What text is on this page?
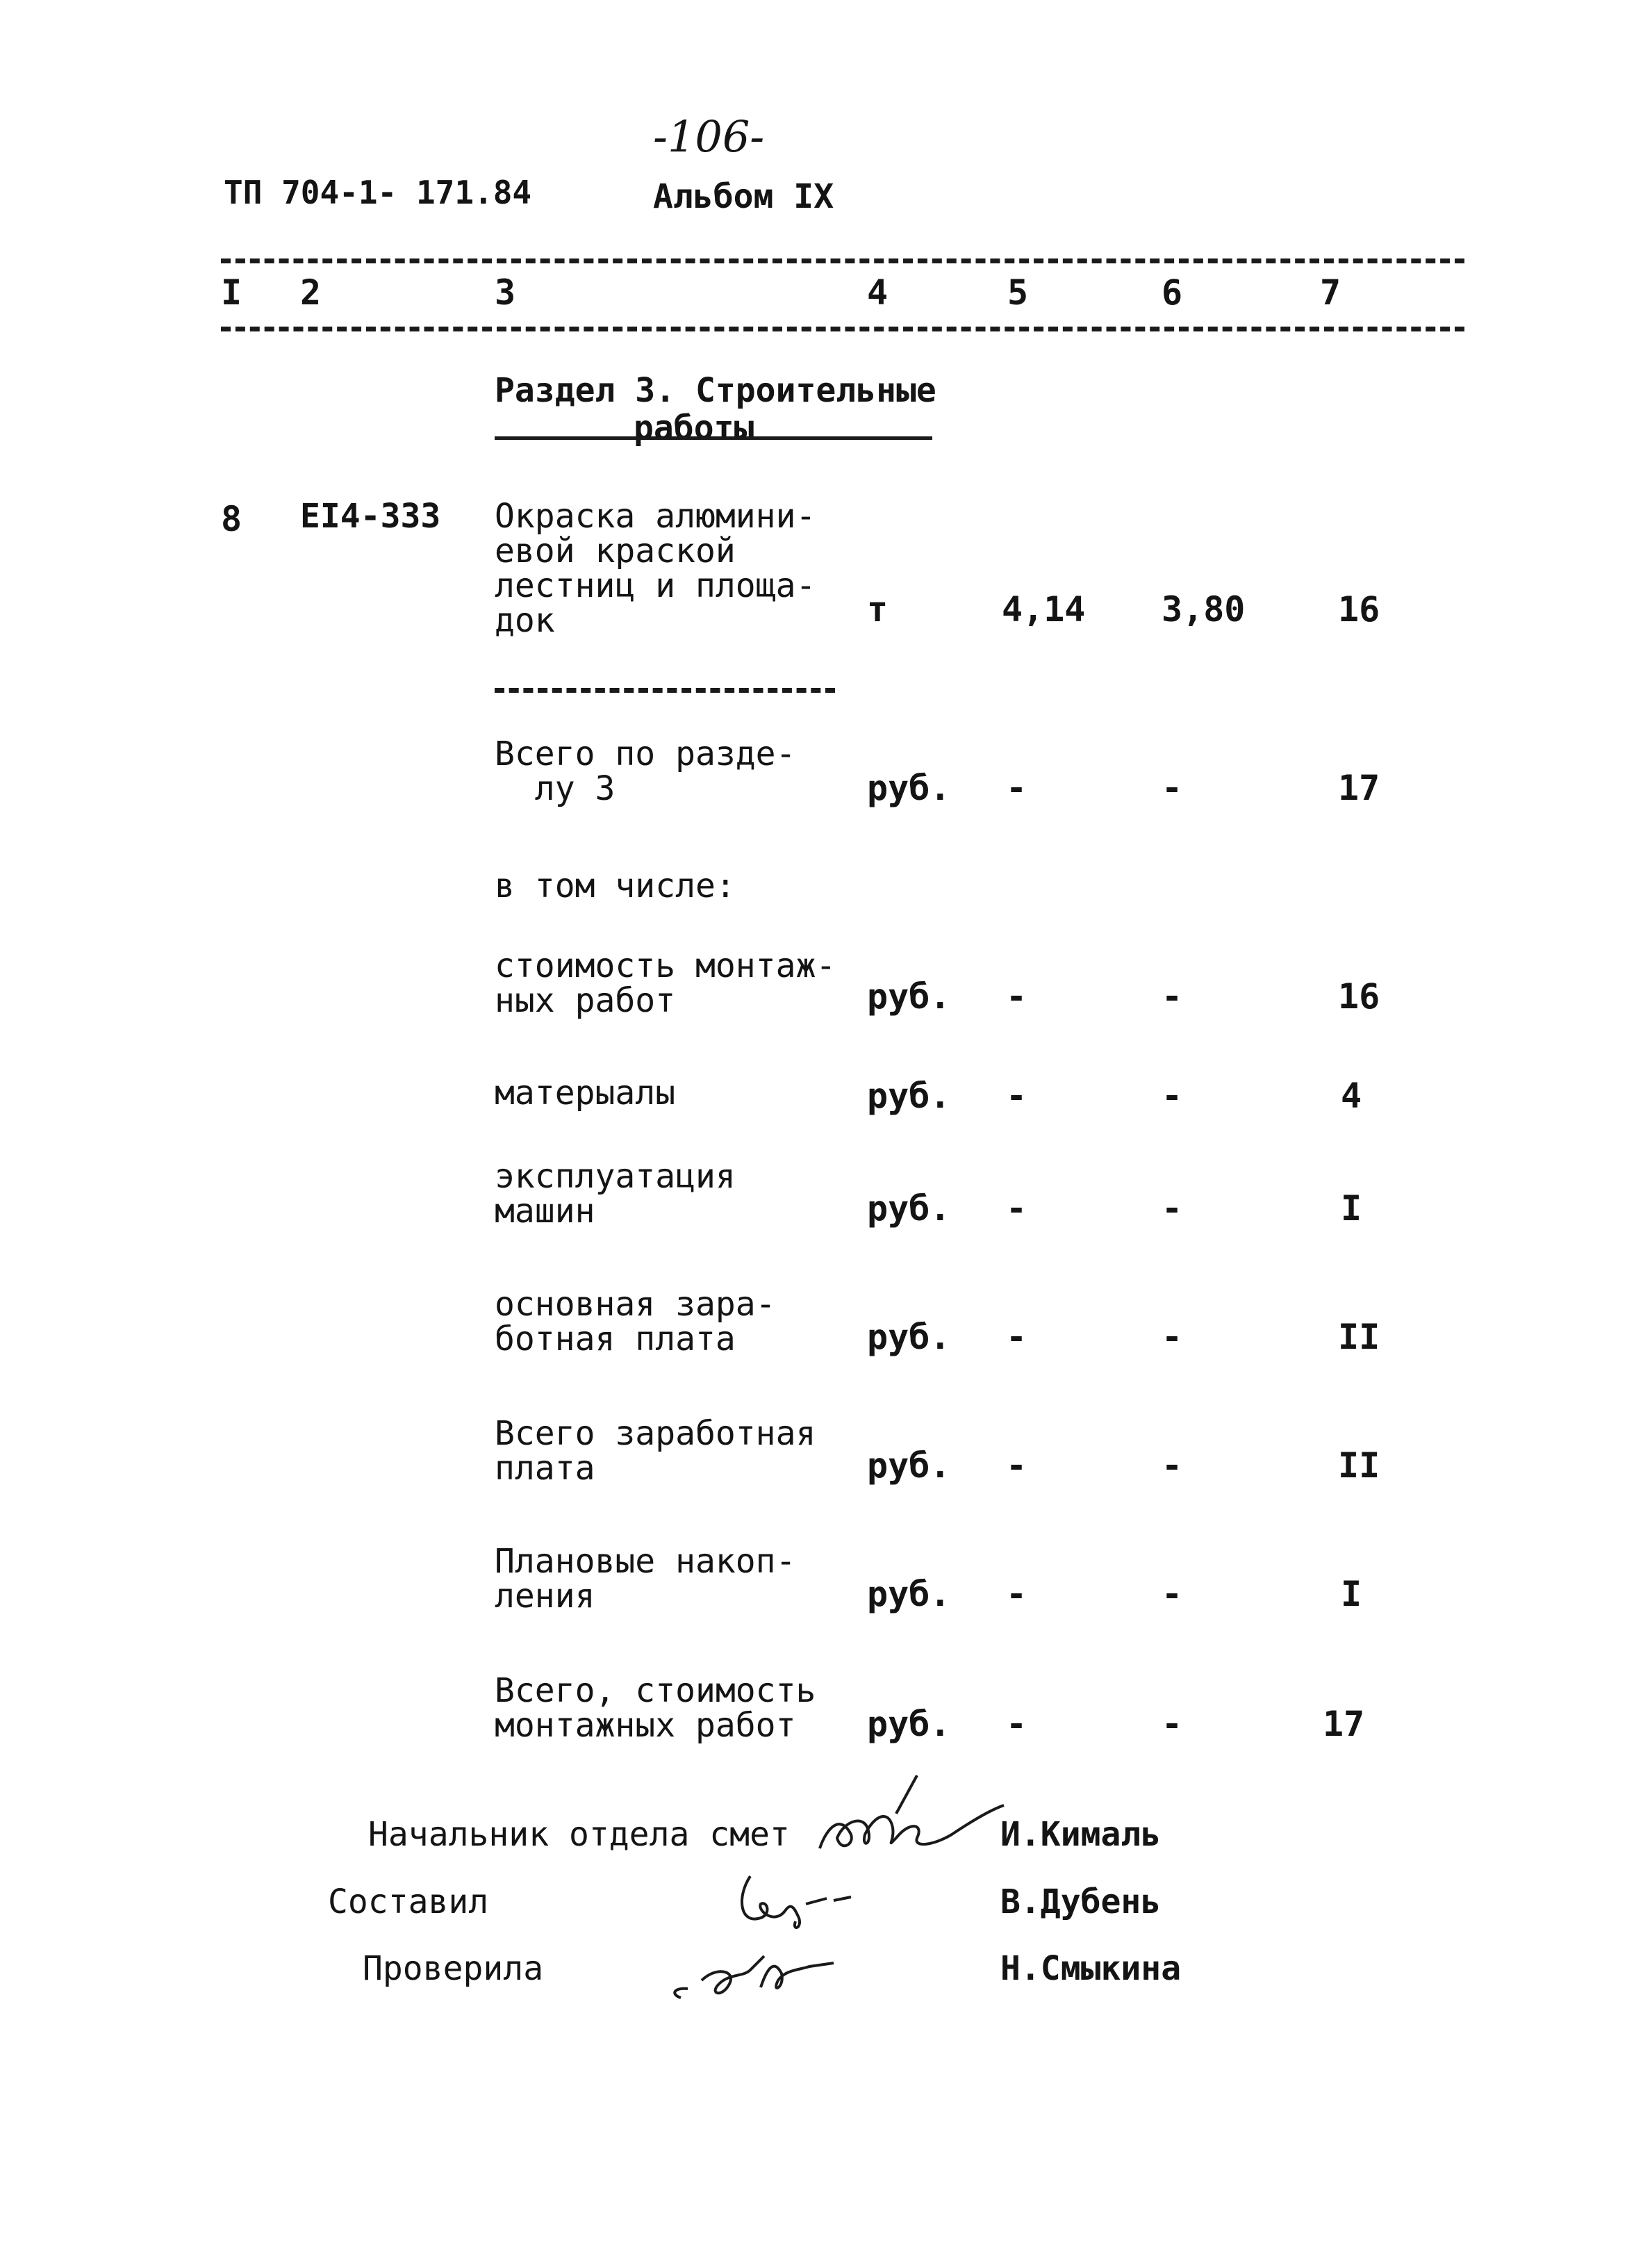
-106-
ТП 704-1- 171.84	Альбом IX
I 2	3	4	5	6	7
Раздел 3. Строительные
работы
8 EI4-333 Окраска алюмини-
евой краской
лестниц и площа-
док	т	4,14 3,80	16
Всего по разде-
лу 3	руб. -	-	17
в том числе:
стоимость монтаж-
ных работ	руб. -	-	16
матерыалы	руб. -	-	4
эксплуатация
машин	руб. -	-	I
основная зара-
ботная плата	руб. -	-	II
Всего заработная
плата	руб. -	-	II
Плановые накоп-
ления	руб. -	-	I
Всего, стоимость
монтажных работ	руб. -	-	17
Начальник отдела смет	И.Кималь
Составил	В.Дубень
Проверила	Н.Смыкина
